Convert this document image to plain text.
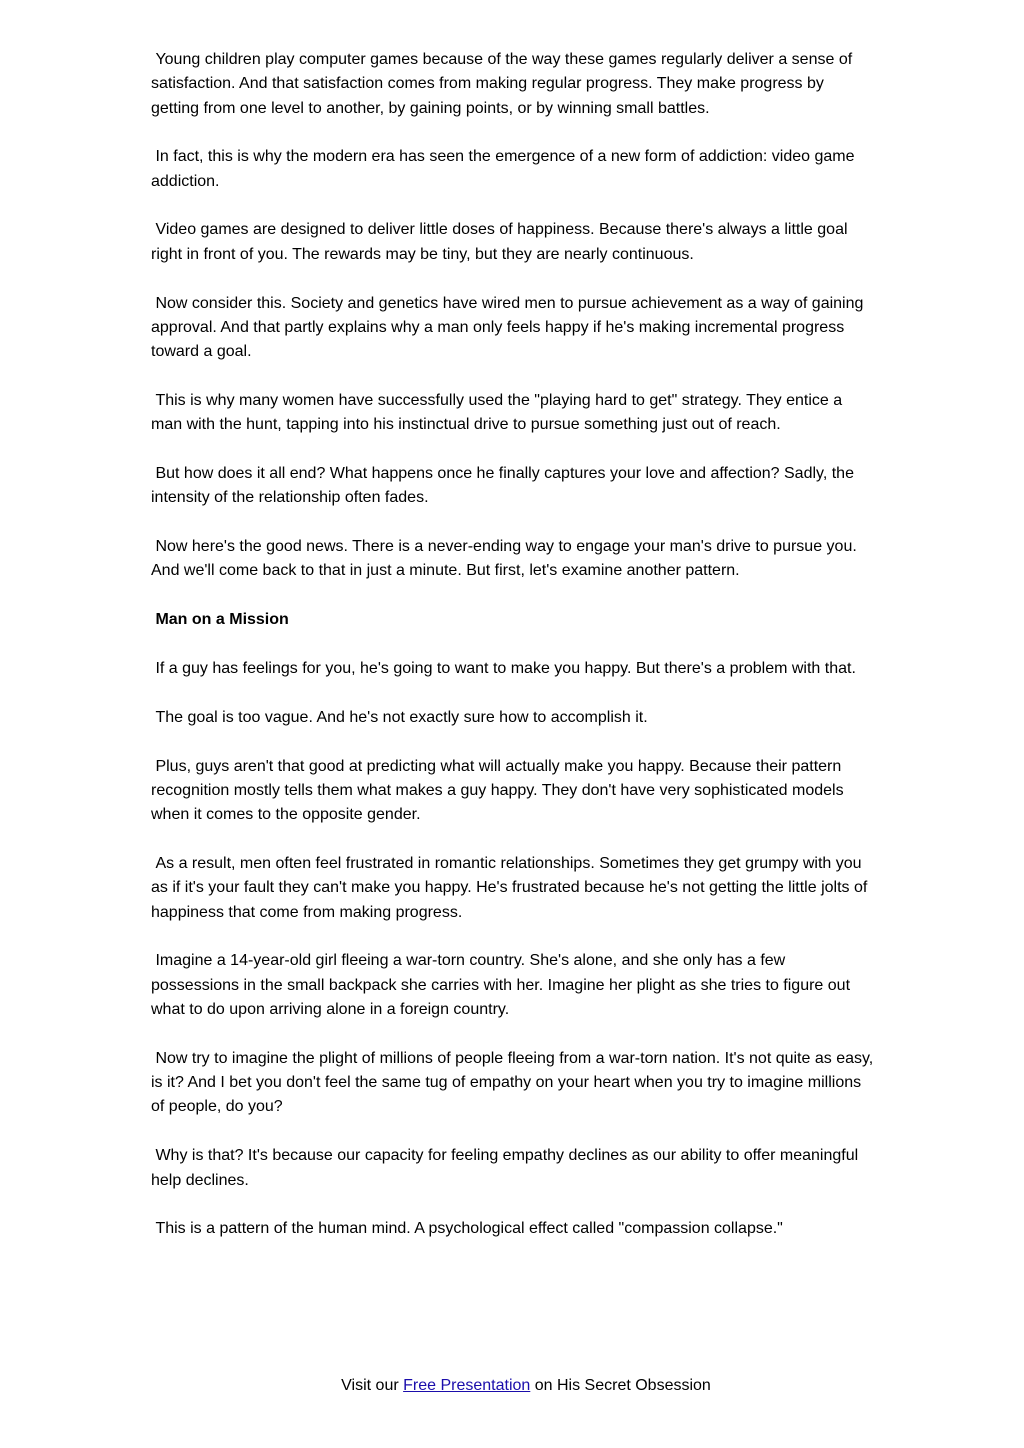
Young children play computer games because of the way these games regularly deliver a sense of satisfaction. And that satisfaction comes from making regular progress. They make progress by getting from one level to another, by gaining points, or by winning small battles.

In fact, this is why the modern era has seen the emergence of a new form of addiction: video game addiction.

Video games are designed to deliver little doses of happiness. Because there's always a little goal right in front of you. The rewards may be tiny, but they are nearly continuous.

Now consider this. Society and genetics have wired men to pursue achievement as a way of gaining approval. And that partly explains why a man only feels happy if he's making incremental progress toward a goal.

This is why many women have successfully used the "playing hard to get" strategy. They entice a man with the hunt, tapping into his instinctual drive to pursue something just out of reach.

But how does it all end? What happens once he finally captures your love and affection? Sadly, the intensity of the relationship often fades.

Now here's the good news. There is a never-ending way to engage your man's drive to pursue you. And we'll come back to that in just a minute. But first, let's examine another pattern.

Man on a Mission

If a guy has feelings for you, he's going to want to make you happy. But there's a problem with that.

The goal is too vague. And he's not exactly sure how to accomplish it.

Plus, guys aren't that good at predicting what will actually make you happy. Because their pattern recognition mostly tells them what makes a guy happy. They don't have very sophisticated models when it comes to the opposite gender.

As a result, men often feel frustrated in romantic relationships. Sometimes they get grumpy with you as if it's your fault they can't make you happy. He's frustrated because he's not getting the little jolts of happiness that come from making progress.

Imagine a 14-year-old girl fleeing a war-torn country. She's alone, and she only has a few possessions in the small backpack she carries with her. Imagine her plight as she tries to figure out what to do upon arriving alone in a foreign country.

Now try to imagine the plight of millions of people fleeing from a war-torn nation. It's not quite as easy, is it? And I bet you don't feel the same tug of empathy on your heart when you try to imagine millions of people, do you?

Why is that? It's because our capacity for feeling empathy declines as our ability to offer meaningful help declines.

This is a pattern of the human mind. A psychological effect called "compassion collapse."

Visit our Free Presentation on His Secret Obsession
